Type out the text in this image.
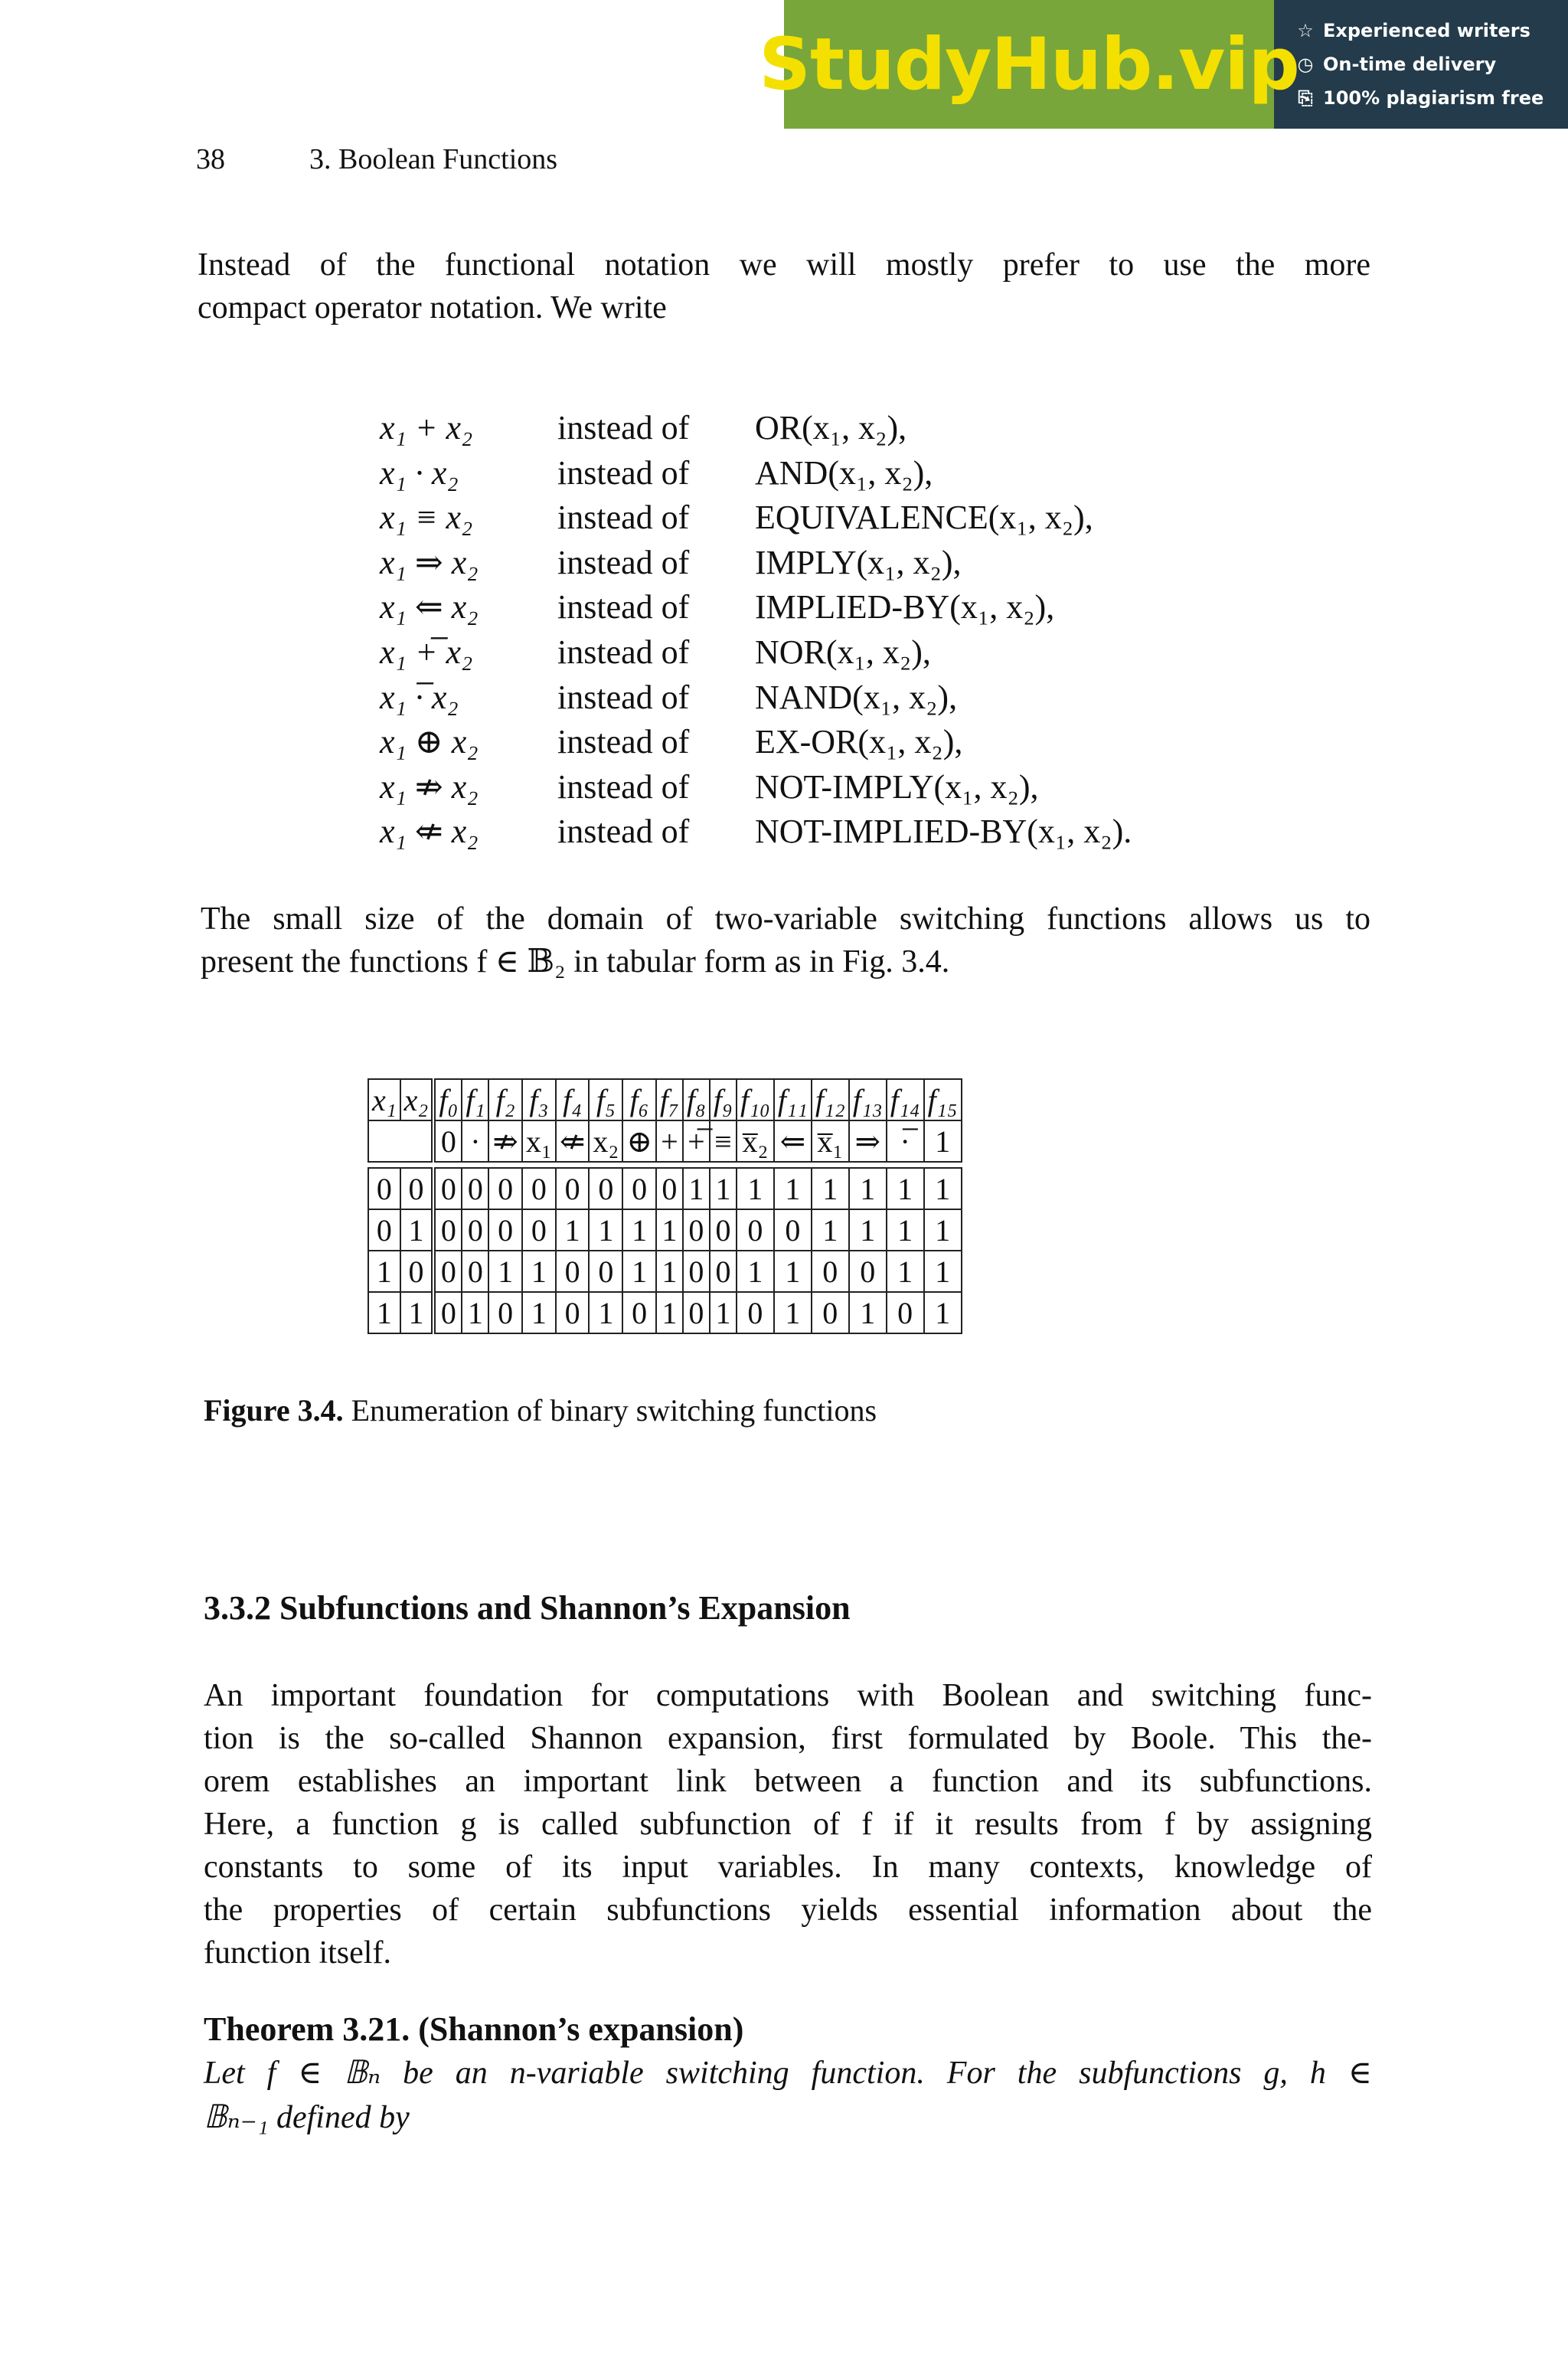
StudyHub.vip
☆ Experienced writers
◷ On-time delivery
⎘ 100% plagiarism free
38	3. Boolean Functions
Instead of the functional notation we will mostly prefer to use the more
compact operator notation. We write
x₁ + x₂	instead of OR(x₁, x₂),
x₁ · x₂	instead of AND(x₁, x₂),
x₁ ≡ x₂	instead of EQUIVALENCE(x₁, x₂),
x₁ ⇒ x₂	instead of IMPLY(x₁, x₂),
x₁ ⇐ x₂	instead of IMPLIED-BY(x₁, x₂),
x₁ +̅ x₂	instead of NOR(x₁, x₂),
x₁ ·̅ x₂	instead of NAND(x₁, x₂),
x₁ ⊕ x₂	instead of EX-OR(x₁, x₂),
x₁ ⇏ x₂	instead of NOT-IMPLY(x₁, x₂),
x₁ ⇍ x₂	instead of NOT-IMPLIED-BY(x₁, x₂).
The small size of the domain of two-variable switching functions allows us to
present the functions f ∈ 𝔹₂ in tabular form as in Fig. 3.4.
x₁	x₂	f₀	f₁	f₂	f₃	f₄	f₅	f₆	f₇	f₈	f₉	f₁₀	f₁₁	f₁₂	f₁₃	f₁₄	f₁₅
		0	·	⇏	x₁	⇍	x₂	⊕	+	+̅	≡	x̅₂	⇐	x̅₁	⇒	·̅	1

0	0	0	0	0	0	0	0	0	0	1	1	1	1	1	1	1	1
0	1	0	0	0	0	1	1	1	1	0	0	0	0	1	1	1	1
1	0	0	0	1	1	0	0	1	1	0	0	1	1	0	0	1	1
1	1	0	1	0	1	0	1	0	1	0	1	0	1	0	1	0	1
Figure 3.4. Enumeration of binary switching functions
3.3.2 Subfunctions and Shannon’s Expansion
An important foundation for computations with Boolean and switching func-
tion is the so-called Shannon expansion, first formulated by Boole. This the-
orem establishes an important link between a function and its subfunctions.
Here, a function g is called subfunction of f if it results from f by assigning
constants to some of its input variables. In many contexts, knowledge of
the properties of certain subfunctions yields essential information about the
function itself.
Theorem 3.21. (Shannon’s expansion)
Let f ∈ 𝔹ₙ be an n-variable switching function. For the subfunctions g, h ∈
𝔹ₙ₋₁ defined by
